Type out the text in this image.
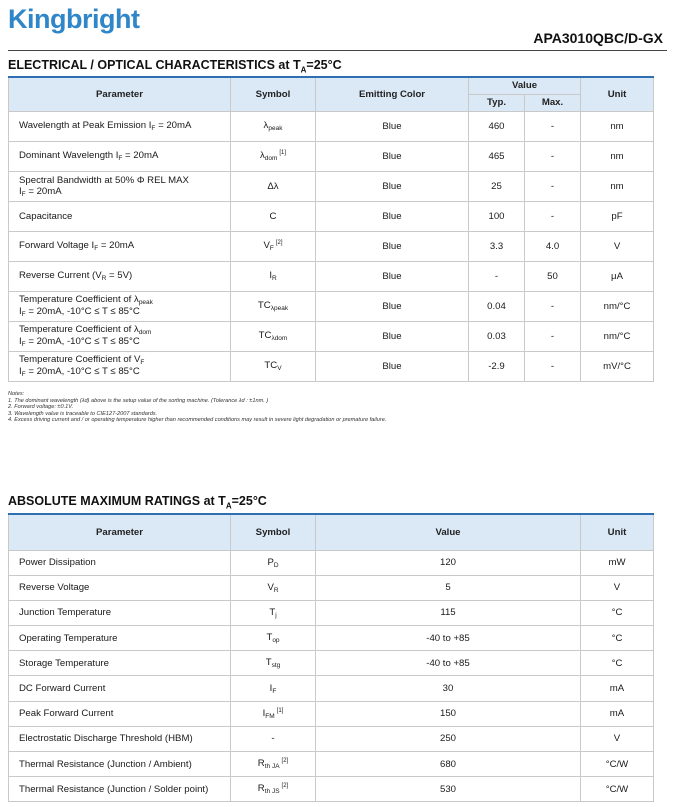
Kingbright
APA3010QBC/D-GX
ELECTRICAL / OPTICAL CHARACTERISTICS at $T_A=25^\circ C$
Parameter	Symbol	Emitting Color	Value		Unit
			Typ.	Max.	

Wavelength at Peak Emission $I_F = 20mA$	$\lambda_{peak}$	Blue	460	-	nm

Dominant Wavelength $I_F = 20mA$	$\lambda_{dom}[1]$	Blue	465	-	nm

Spectral Bandwidth at 50% Φ REL MAX
$I_F = 20mA$	Δλ	Blue	25	-	nm

Capacitance	C	Blue	100	-	pF

Forward Voltage $I_F = 20mA$	$V_F[2]$	Blue	3.3	4.0	V

Reverse Current $(V_R = 5V)$	$I_R$	Blue	-	50	μA

Temperature Coefficient of $\lambda_{peak}$
$I_F = 20mA$, -10°C ≤ T ≤ 85°C	$TC_{\lambda peak}$	Blue	0.04	-	nm/°C

Temperature Coefficient of $\lambda_{dom}$
$I_F = 20mA$, -10°C ≤ T ≤ 85°C	$TC_{\lambda dom}$	Blue	0.03	-	nm/°C

Temperature Coefficient of $V_F$
$I_F = 20mA$, -10°C ≤ T ≤ 85°C	$TC_V$	Blue	-2.9	-	mV/°C
Notes:
1. The dominant wavelength (λd) above is the setup value of the sorting machine. (Tolerance λd : ±1nm. )
2. Forward voltage: ±0.1V.
3. Wavelength value is traceable to CIE127-2007 standards.
4. Excess driving current and / or operating temperature higher than recommended conditions may result in severe light degradation or premature failure.
ABSOLUTE MAXIMUM RATINGS at $T_A=25^\circ C$
Parameter	Symbol	Value	Unit
Power Dissipation	$P_D$	120	mW
Reverse Voltage	$V_R$	5	V
Junction Temperature	$T_j$	115	°C
Operating Temperature	$T_{op}$	-40 to +85	°C
Storage Temperature	$T_{stg}$	-40 to +85	°C
DC Forward Current	$I_F$	30	mA
Peak Forward Current	$I_{FM}[1]$	150	mA
Electrostatic Discharge Threshold (HBM)	-	250	V
Thermal Resistance (Junction / Ambient)	$R_{th JA}[2]$	680	°C/W
Thermal Resistance (Junction / Solder point)	$R_{th JS}[2]$	530	°C/W
